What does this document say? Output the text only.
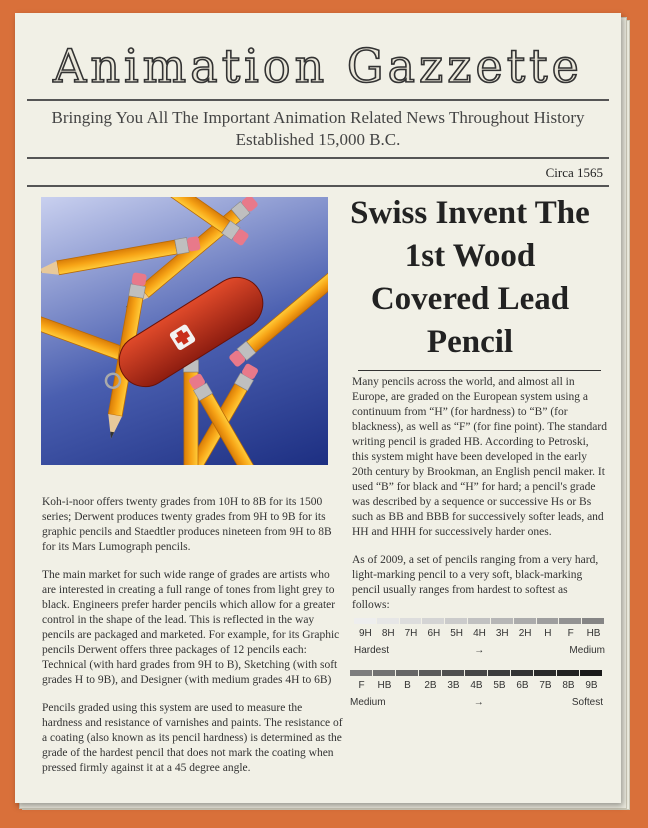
Animation Gazzette
Bringing You All The Important Animation Related News Throughout History
Established 15,000 B.C.
Circa 1565
Swiss Invent The 1st Wood Covered Lead Pencil

Koh-i-noor offers twenty grades from 10H to 8B for its 1500 series; Derwent produces twenty grades from 9H to 9B for its graphic pencils and Staedtler produces nineteen from 9H to 8B for its Mars Lumograph pencils.

The main market for such wide range of grades are artists who are interested in creating a full range of tones from light grey to black. Engineers prefer harder pencils which allow for a greater control in the shape of the lead. This is reflected in the way pencils are packaged and marketed. For example, for its Graphic pencils Derwent offers three packages of 12 pencils each: Technical (with hard grades from 9H to B), Sketching (with soft grades H to 9B), and Designer (with medium grades 4H to 6B)

Pencils graded using this system are used to measure the hardness and resistance of varnishes and paints. The resistance of a coating (also known as its pencil hardness) is determined as the grade of the hardest pencil that does not mark the coating when pressed firmly against it at a 45 degree angle.

Many pencils across the world, and almost all in Europe, are graded on the European system using a continuum from “H” (for hardness) to “B” (for blackness), as well as “F” (for fine point). The standard writing pencil is graded HB. According to Petroski, this system might have been developed in the early 20th century by Brookman, an English pencil maker. It used “B” for black and “H” for hard; a pencil's grade was described by a sequence or successive Hs or Bs such as BB and BBB for successively softer leads, and HH and HHH for successively harder ones.

As of 2009, a set of pencils ranging from a very hard, light-marking pencil to a very soft, black-marking pencil usually ranges from hardest to softest as follows:

9H	8H	7H	6H	5H	4H	3H	2H	H	F	HB
Hardest	→	Medium
F	HB	B	2B	3B	4B	5B	6B	7B	8B	9B
Medium	→	Softest
